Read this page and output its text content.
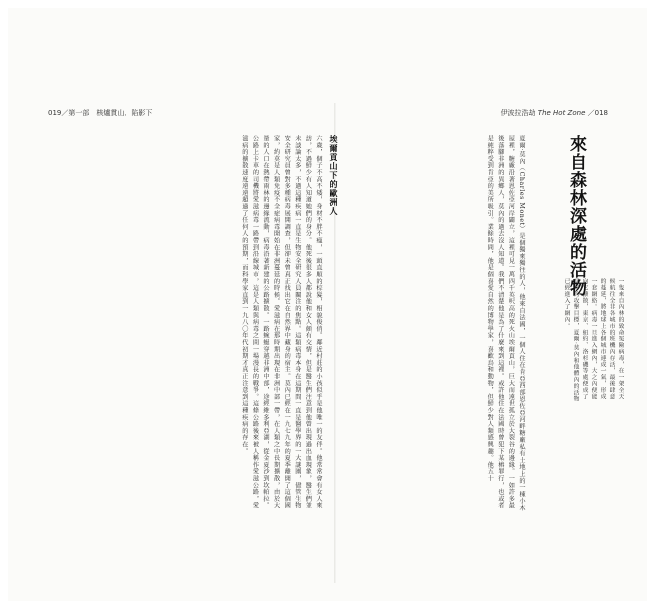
019／第一部　核爐貫山．陷影下	伊波拉浩劫 The Hot Zone ／018
六歲，個子不高不矮，身材不胖不瘦，一頭直順的棕髮，相貌俊俏。鄰近村莊的小孩似乎是他唯一的友伴。他常常會有女人來訪，不過鮮少有人知道她們的身分。他死後很多人都說他和女人頗有交情，但是醫生們注意到他曾出現過出血現象，醫生們並未談論太多，不過這種疾病一直是生物安全研究人員關注的焦點。這類病毒本身在這期間一直是醫學界的一大謎團，儘管生物安全研究員曾對多種病毒展開調查，但卻未曾真正找出它在自然界中藏身的宿主。莫內已經在一九七九年的夏季離開了這個國家，約莫是人類免疫不全症病毒開始在非洲蔓延的時候。愛滋病在那時期出現在非洲中部一帶，在人類之中長期擴散，由於大量的人口在熱帶雨林的邊緣流動，病毒沿著新建的公路擴散。一路蜿蜒穿越非洲中部，途經維多利亞湖，從金夏沙到坎帕拉。公路上卡車的司機將愛滋病毒一路帶到沿線城市，這是人類與病毒之間一場漫長的戰爭。這條公路後來被人稱作愛滋公路，愛滋病的擴散速度遠遠超過了任何人的預期，而科學家直到一九八〇年代初期才真正注意到這種疾病的存在。	埃爾貢山下的歐洲人	夏爾·莫內（Charles Monet）是個獨來獨往的人，他來自法國，一個人住在肯亞西部恩佐亞河畔糖廠私有土地上的一棟小木屋裡，糖廠沿著恩佐亞河岸闢立，這裡可見一萬四千英呎高的死火山埃爾貢山，巨大而遠世孤立於大裂谷的邊緣。一如許多最後落腳非洲的異鄉人，莫內的過去沒人知道。我們不清楚他是為了什麼來到這裡。或許他住在法國時曾犯下某樁罪行，也或者是純粹受到肯亞的美所吸引。業餘時間，他是個喜愛自然的博物學家，喜歡鳥和動物，但鮮少對人類感興趣。他五十	一隻來自內林的致命冤險病毒，在一架全天候航往全非各城市的班機內存活，最後肆意的蔓延，將地球上各個城市連成一氣，形成一套網絡。病毒一旦進入網內，大之內便能向它擴散，東京、紐約、洛杉磯等處便成了病毒的攻擊目標，夏爾·莫內和他體內的活物已經進入了網內。
來自森林深處的活物
